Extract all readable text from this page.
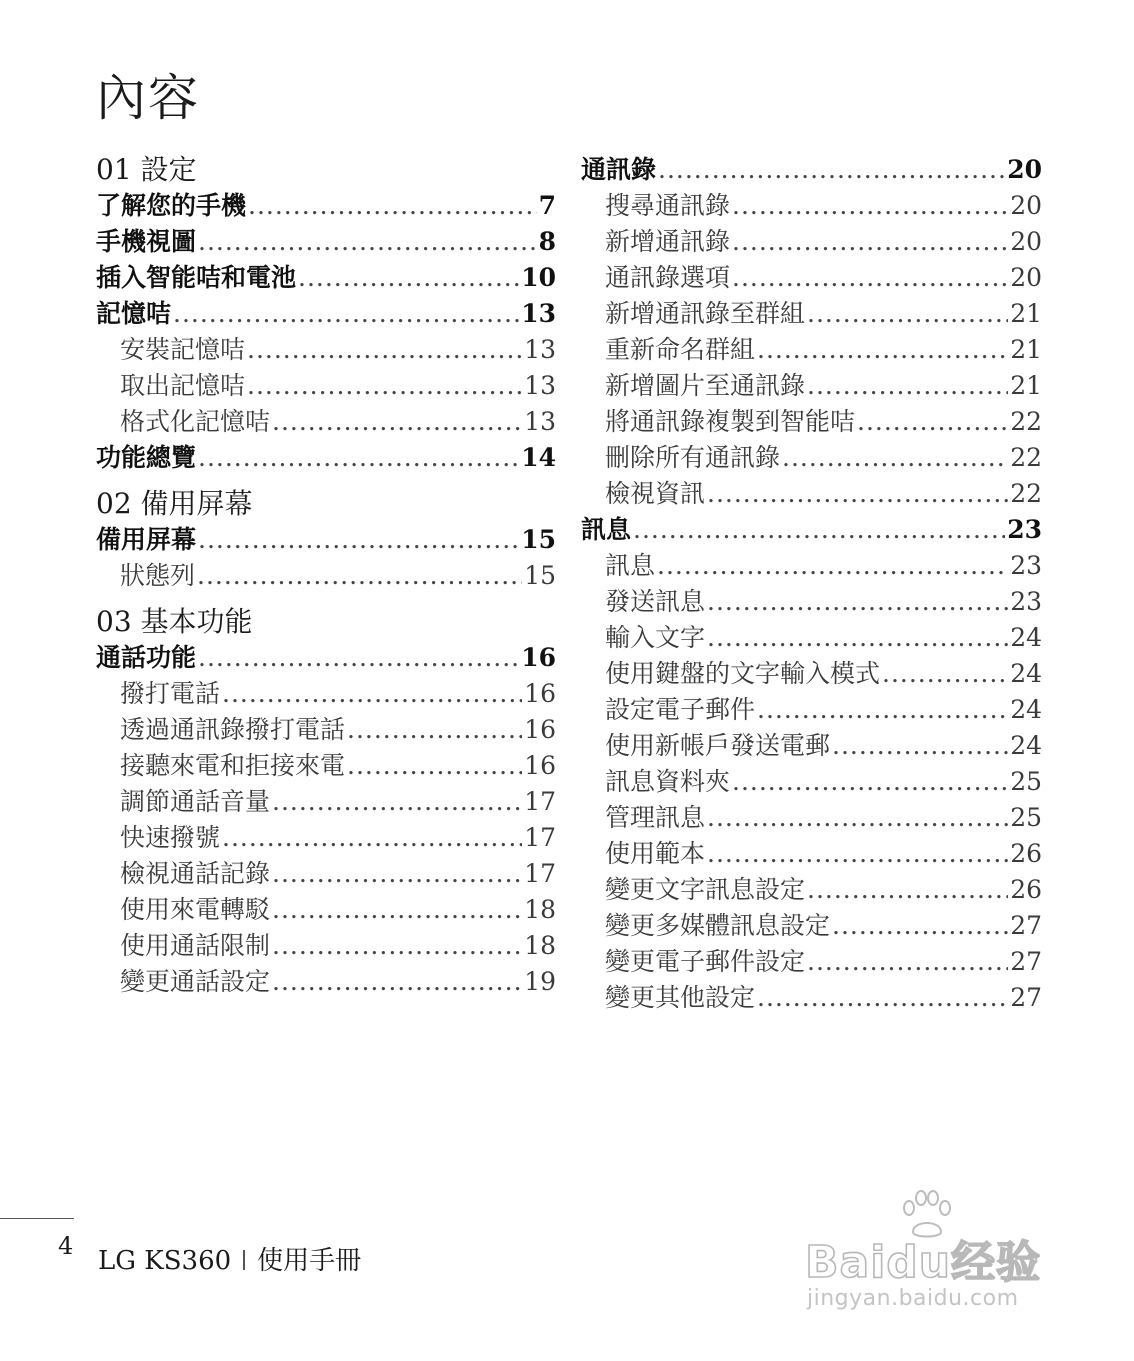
內容
01 設定
了解您的手機 .....	7
手機視圖 .....	8
插入智能咭和電池 .....	10
記憶咭 .....	13
安裝記憶咭 .....	13
取出記憶咭 .....	13
格式化記憶咭 .....	13
功能總覽 .....	14
02 備用屏幕
備用屏幕 .....	15
狀態列 .....	15
03 基本功能
通話功能 .....	16
撥打電話 .....	16
透過通訊錄撥打電話 .....	16
接聽來電和拒接來電 .....	16
調節通話音量 .....	17
快速撥號 .....	17
檢視通話記錄 .....	17
使用來電轉駁 .....	18
使用通話限制 .....	18
變更通話設定 .....	19
通訊錄 .....	20
搜尋通訊錄 .....	20
新增通訊錄 .....	20
通訊錄選項 .....	20
新增通訊錄至群組 .....	21
重新命名群組 .....	21
新增圖片至通訊錄 .....	21
將通訊錄複製到智能咭 .....	22
刪除所有通訊錄 .....	22
檢視資訊 .....	22
訊息 .....	23
訊息 .....	23
發送訊息 .....	23
輸入文字 .....	24
使用鍵盤的文字輸入模式 .....	24
設定電子郵件 .....	24
使用新帳戶發送電郵 .....	24
訊息資料夾 .....	25
管理訊息 .....	25
使用範本 .....	26
變更文字訊息設定 .....	26
變更多媒體訊息設定 .....	27
變更電子郵件設定 .....	27
變更其他設定 .....	27
4 LG KS360 使用手冊	Baidu经验
jingyan.baidu.com
